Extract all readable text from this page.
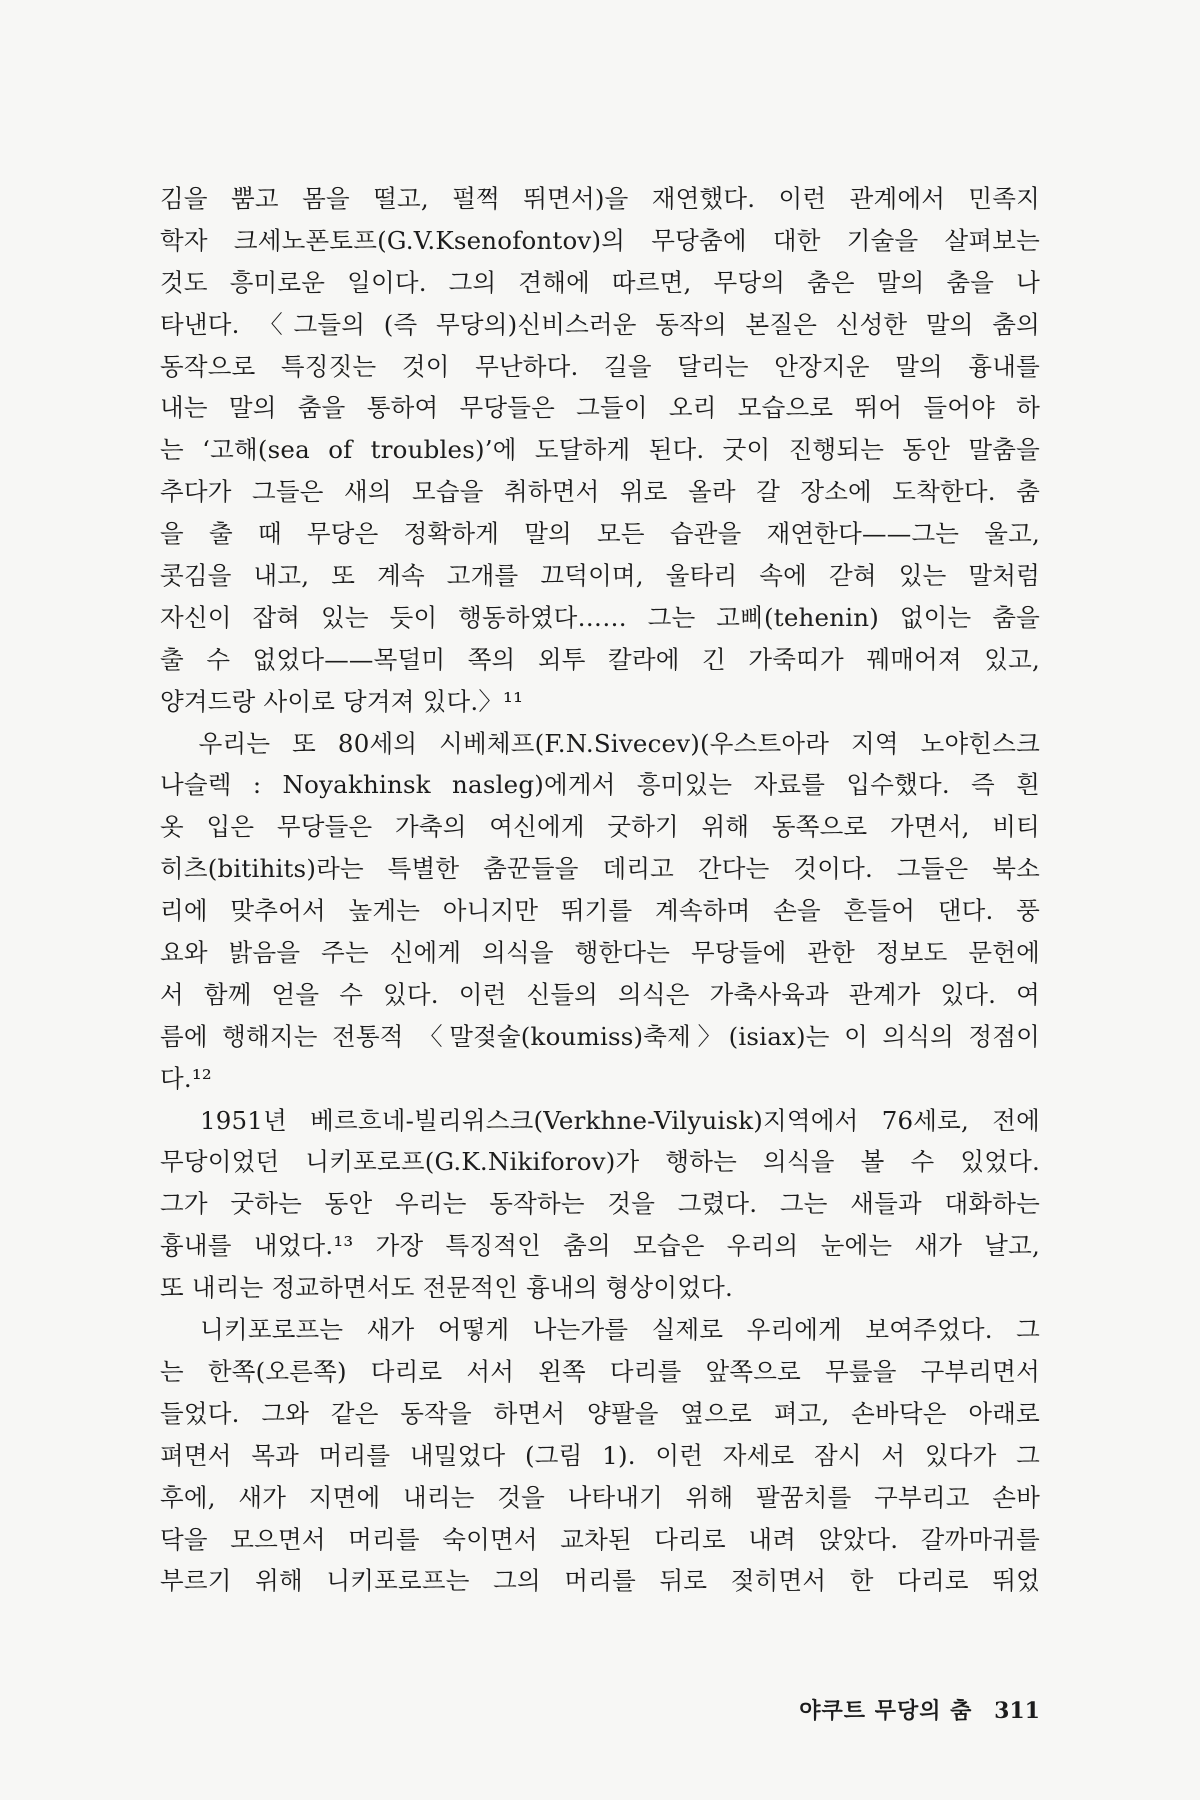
김을 뿜고 몸을 떨고, 펄쩍 뛰면서)을 재연했다. 이런 관계에서 민족지
학자 크세노폰토프(G.V.Ksenofontov)의 무당춤에 대한 기술을 살펴보는
것도 흥미로운 일이다. 그의 견해에 따르면, 무당의 춤은 말의 춤을 나
타낸다. 〈그들의 (즉 무당의)신비스러운 동작의 본질은 신성한 말의 춤의
동작으로 특징짓는 것이 무난하다. 길을 달리는 안장지운 말의 흉내를
내는 말의 춤을 통하여 무당들은 그들이 오리 모습으로 뛰어 들어야 하
는 ‘고해(sea of troubles)’에 도달하게 된다. 굿이 진행되는 동안 말춤을
추다가 그들은 새의 모습을 취하면서 위로 올라 갈 장소에 도착한다. 춤
을 출 때 무당은 정확하게 말의 모든 습관을 재연한다——그는 울고,
콧김을 내고, 또 계속 고개를 끄덕이며, 울타리 속에 갇혀 있는 말처럼
자신이 잡혀 있는 듯이 행동하였다…… 그는 고삐(tehenin) 없이는 춤을
출 수 없었다——목덜미 쪽의 외투 칼라에 긴 가죽띠가 꿰매어져 있고,
양겨드랑 사이로 당겨져 있다.〉¹¹
　우리는 또 80세의 시베체프(F.N.Sivecev)(우스트아라 지역 노야힌스크
나슬렉 : Noyakhinsk nasleg)에게서 흥미있는 자료를 입수했다. 즉 흰
옷 입은 무당들은 가축의 여신에게 굿하기 위해 동쪽으로 가면서, 비티
히츠(bitihits)라는 특별한 춤꾼들을 데리고 간다는 것이다. 그들은 북소
리에 맞추어서 높게는 아니지만 뛰기를 계속하며 손을 흔들어 댄다. 풍
요와 밝음을 주는 신에게 의식을 행한다는 무당들에 관한 정보도 문헌에
서 함께 얻을 수 있다. 이런 신들의 의식은 가축사육과 관계가 있다. 여
름에 행해지는 전통적 〈말젖술(koumiss)축제〉(isiax)는 이 의식의 정점이
다.¹²
　1951년 베르흐네-빌리위스크(Verkhne-Vilyuisk)지역에서 76세로, 전에
무당이었던 니키포로프(G.K.Nikiforov)가 행하는 의식을 볼 수 있었다.
그가 굿하는 동안 우리는 동작하는 것을 그렸다. 그는 새들과 대화하는
흉내를 내었다.¹³ 가장 특징적인 춤의 모습은 우리의 눈에는 새가 날고,
또 내리는 정교하면서도 전문적인 흉내의 형상이었다.
　니키포로프는 새가 어떻게 나는가를 실제로 우리에게 보여주었다. 그
는 한쪽(오른쪽) 다리로 서서 왼쪽 다리를 앞쪽으로 무릎을 구부리면서
들었다. 그와 같은 동작을 하면서 양팔을 옆으로 펴고, 손바닥은 아래로
펴면서 목과 머리를 내밀었다 (그림 1). 이런 자세로 잠시 서 있다가 그
후에, 새가 지면에 내리는 것을 나타내기 위해 팔꿈치를 구부리고 손바
닥을 모으면서 머리를 숙이면서 교차된 다리로 내려 앉았다. 갈까마귀를
부르기 위해 니키포로프는 그의 머리를 뒤로 젖히면서 한 다리로 뛰었
야쿠트 무당의 춤 311
